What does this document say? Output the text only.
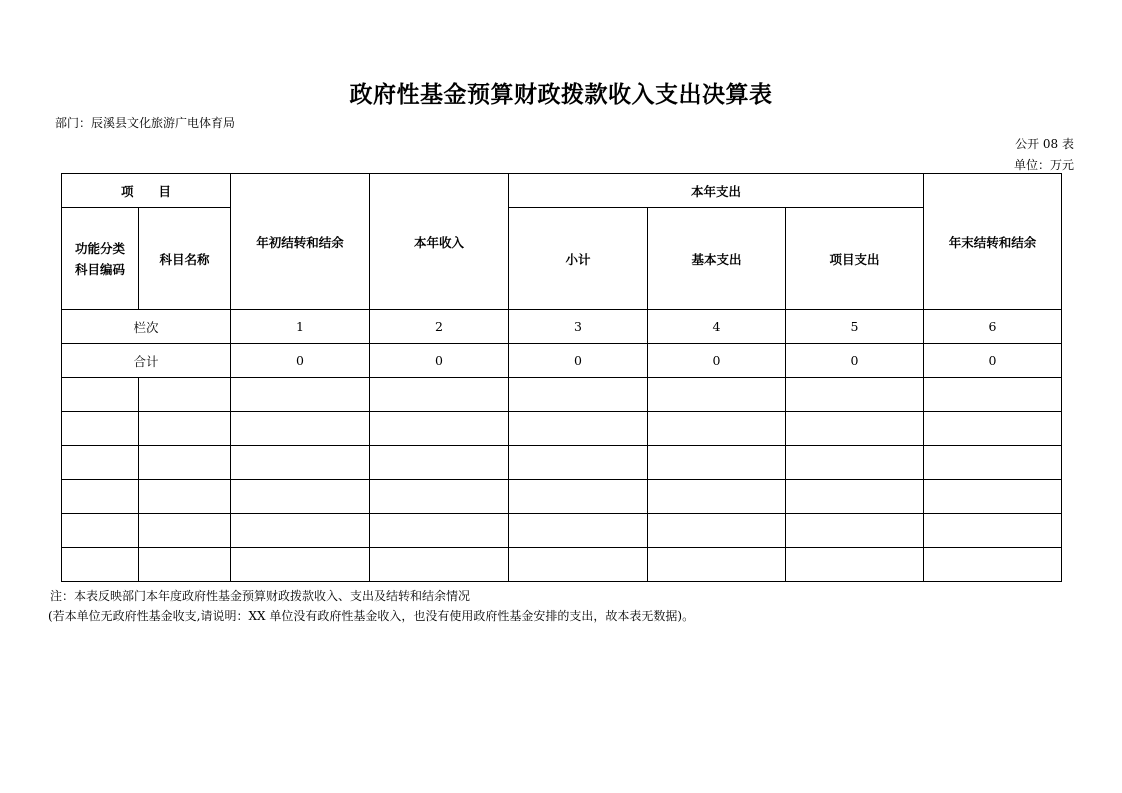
政府性基金预算财政拨款收入支出决算表
部门：辰溪县文化旅游广电体育局
公开 08 表
单位：万元
项　　目		年初结转和结余	本年收入	本年支出			年末结转和结余
功能分类
科目编码	科目名称			小计	基本支出	项目支出	
栏次		1	2	3	4	5	6
合计		0	0	0	0	0	0

注：本表反映部门本年度政府性基金预算财政拨款收入、支出及结转和结余情况
(若本单位无政府性基金收支,请说明：XX 单位没有政府性基金收入，也没有使用政府性基金安排的支出，故本表无数据)。
